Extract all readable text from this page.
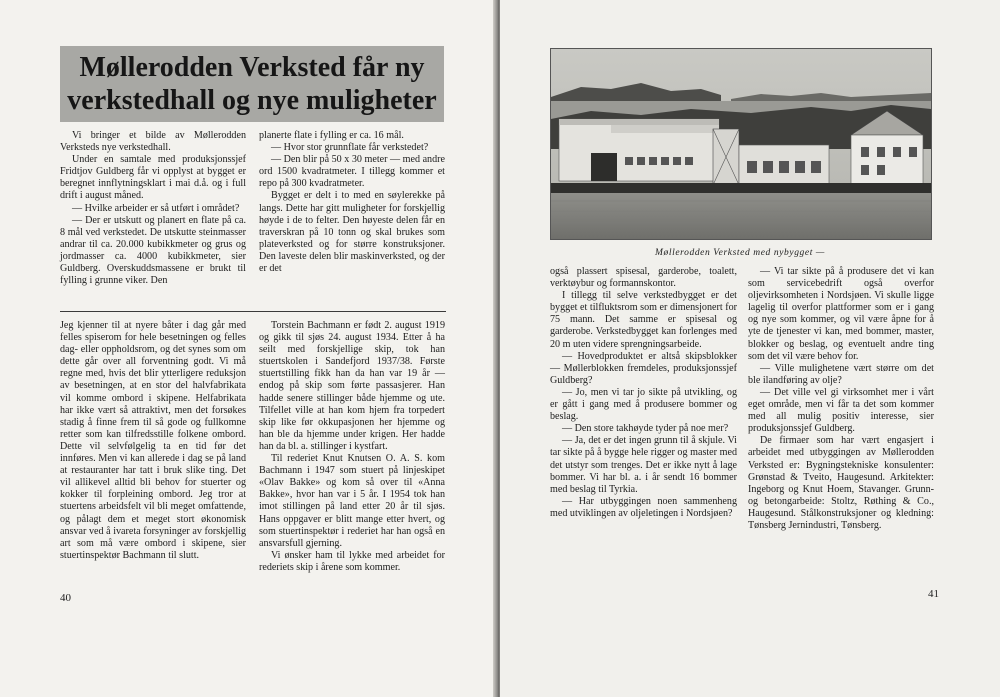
Møllerodden Verksted får ny verkstedhall og nye muligheter

Vi bringer et bilde av Møllerodden Verksteds nye verkstedhall.

Under en samtale med produksjonssjef Fridtjov Guldberg får vi opplyst at bygget er beregnet innflytningsklart i mai d.å. og i full drift i august måned.

— Hvilke arbeider er så utført i området?

— Der er utskutt og planert en flate på ca. 8 mål ved verkstedet. De utskutte steinmasser andrar til ca. 20.000 kubikkmeter og grus og jordmasser ca. 4000 kubikkmeter, sier Guldberg. Overskuddsmassene er brukt til fylling i grunne viker. Den

planerte flate i fylling er ca. 16 mål.

— Hvor stor grunnflate får verkstedet?

— Den blir på 50 x 30 meter — med andre ord 1500 kvadratmeter. I tillegg kommer et repo på 300 kvadratmeter.

Bygget er delt i to med en søylerekke på langs. Dette har gitt muligheter for forskjellig høyde i de to felter. Den høyeste delen får en traverskran på 10 tonn og skal brukes som plateverksted og for større konstruksjoner. Den laveste delen blir maskinverksted, og der er det

Jeg kjenner til at nyere båter i dag går med felles spiserom for hele besetningen og felles dag- eller oppholdsrom, og det synes som om dette går over all forventning godt. Vi må regne med, hvis det blir ytterligere reduksjon av besetningen, at en stor del halvfabrikata vil komme ombord i skipene. Helfabrikata har ikke vært så attraktivt, men det forsøkes stadig å finne frem til så gode og fullkomne retter som kan tilfredsstille folkene ombord. Dette vil selvfølgelig ta en tid før det innføres. Men vi kan allerede i dag se på land at restauranter har tatt i bruk slike ting. Det vil allikevel alltid bli behov for stuerter og kokker til forpleining ombord. Jeg tror at stuertens arbeidsfelt vil bli meget omfattende, og pålagt dem et meget stort økonomisk ansvar ved å ivareta forsyninger av forskjellig art som må være ombord i skipene, sier stuertinspektør Bachmann til slutt.

Torstein Bachmann er født 2. august 1919 og gikk til sjøs 24. august 1934. Etter å ha seilt med forskjellige skip, tok han stuertskolen i Sandefjord 1937/38. Første stuertstilling fikk han da han var 19 år — endog på skip som førte passasjerer. Han hadde senere stillinger både hjemme og ute. Tilfellet ville at han kom hjem fra torpedert skip like før okkupasjonen her hjemme og han ble da hjemme under krigen. Her hadde han da bl. a. stillinger i kystfart.

Til rederiet Knut Knutsen O. A. S. kom Bachmann i 1947 som stuert på linjeskipet «Olav Bakke» og kom så over til «Anna Bakke», hvor han var i 5 år. I 1954 tok han imot stillingen på land etter 20 år til sjøs. Hans oppgaver er blitt mange etter hvert, og som stuertinspektør i rederiet har han også en ansvarsfull gjerning.

Vi ønsker ham til lykke med arbeidet for rederiets skip i årene som kommer.

40	41
Møllerodden Verksted med nybygget —

også plassert spisesal, garderobe, toalett, verktøybur og formannskontor.

I tillegg til selve verkstedbygget er det bygget et tilfluktsrom som er dimensjonert for 75 mann. Det samme er spisesal og garderobe. Verkstedbygget kan forlenges med 20 m uten videre sprengningsarbeide.

— Hovedproduktet er altså skipsblokker — Møllerblokken fremdeles, produksjonssjef Guldberg?

— Jo, men vi tar jo sikte på utvikling, og er gått i gang med å produsere bommer og beslag.

— Den store takhøyde tyder på noe mer?

— Ja, det er det ingen grunn til å skjule. Vi tar sikte på å bygge hele rigger og master med det utstyr som trenges. Det er ikke nytt å lage bommer. Vi har bl. a. i år sendt 16 bommer med beslag til Tyrkia.

— Har utbyggingen noen sammenheng med utviklingen av oljeletingen i Nordsjøen?

— Vi tar sikte på å produsere det vi kan som servicebedrift også overfor oljevirksomheten i Nordsjøen. Vi skulle ligge lagelig til overfor plattformer som er i gang og nye som kommer, og vil være åpne for å yte de tjenester vi kan, med bommer, master, blokker og beslag, og eventuelt andre ting som det vil være behov for.

— Ville mulighetene vært større om det ble ilandføring av olje?

— Det ville vel gi virksomhet mer i vårt eget område, men vi får ta det som kommer med all mulig positiv interesse, sier produksjonssjef Guldberg.

De firmaer som har vært engasjert i arbeidet med utbyggingen av Møllerodden Verksted er: Bygningstekniske konsulenter: Grønstad & Tveito, Haugesund. Arkitekter: Ingeborg og Knut Hoem, Stavanger. Grunn- og betongarbeide: Stoltz, Røthing & Co., Haugesund. Stålkonstruksjoner og kledning: Tønsberg Jernindustri, Tønsberg.
